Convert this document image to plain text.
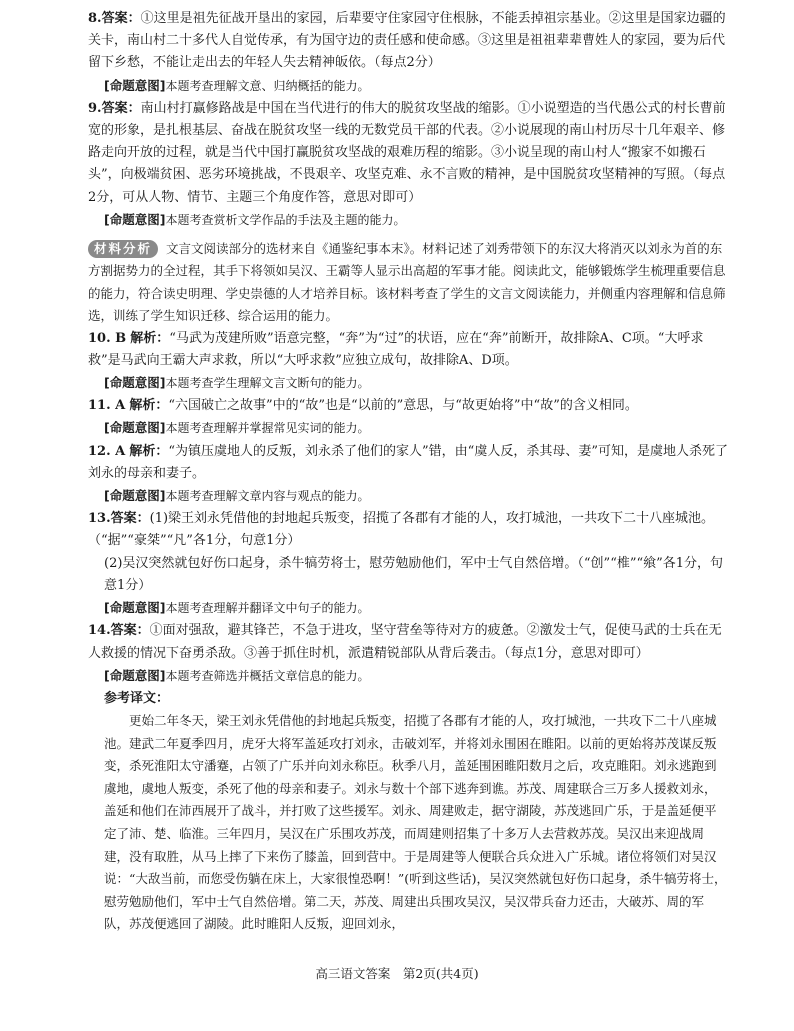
8.答案：①这里是祖先征战开垦出的家园，后辈要守住家园守住根脉，不能丢掉祖宗基业。②这里是国家边疆的关卡，南山村二十多代人自觉传承，有为国守边的责任感和使命感。③这里是祖祖辈辈曹姓人的家园，要为后代留下乡愁，不能让走出去的年轻人失去精神皈依。（每点2分）
[命题意图]本题考查理解文意、归纳概括的能力。
9.答案：南山村打赢修路战是中国在当代进行的伟大的脱贫攻坚战的缩影。①小说塑造的当代愚公式的村长曹前宽的形象，是扎根基层、奋战在脱贫攻坚一线的无数党员干部的代表。②小说展现的南山村历尽十几年艰辛、修路走向开放的过程，就是当代中国打赢脱贫攻坚战的艰难历程的缩影。③小说呈现的南山村人“搬家不如搬石头”，向极端贫困、恶劣环境挑战，不畏艰辛、攻坚克难、永不言败的精神，是中国脱贫攻坚精神的写照。（每点2分，可从人物、情节、主题三个角度作答，意思对即可）
[命题意图]本题考查赏析文学作品的手法及主题的能力。
材料分析 文言文阅读部分的选材来自《通鉴纪事本末》。材料记述了刘秀带领下的东汉大将消灭以刘永为首的东方割据势力的全过程，其手下将领如吴汉、王霸等人显示出高超的军事才能。阅读此文，能够锻炼学生梳理重要信息的能力，符合读史明理、学史崇德的人才培养目标。该材料考查了学生的文言文阅读能力，并侧重内容理解和信息筛选，训练了学生知识迁移、综合运用的能力。
10. B 解析：“马武为茂建所败”语意完整，“奔”为“过”的状语，应在“奔”前断开，故排除A、C项。“大呼求救”是马武向王霸大声求救，所以“大呼求救”应独立成句，故排除A、D项。
[命题意图]本题考查学生理解文言文断句的能力。
11. A 解析：“六国破亡之故事”中的“故”也是“以前的”意思，与“故更始将”中“故”的含义相同。
[命题意图]本题考查理解并掌握常见实词的能力。
12. A 解析：“为镇压虞地人的反叛，刘永杀了他们的家人”错，由“虞人反，杀其母、妻”可知，是虞地人杀死了刘永的母亲和妻子。
[命题意图]本题考查理解文章内容与观点的能力。
13.答案：(1)梁王刘永凭借他的封地起兵叛变，招揽了各郡有才能的人，攻打城池，一共攻下二十八座城池。（“据”“豪桀”“凡”各1分，句意1分）
(2)吴汉突然就包好伤口起身，杀牛犒劳将士，慰劳勉励他们，军中士气自然倍增。（“创”“椎”“飨”各1分，句意1分）
[命题意图]本题考查理解并翻译文中句子的能力。
14.答案：①面对强敌，避其锋芒，不急于进攻，坚守营垒等待对方的疲惫。②激发士气，促使马武的士兵在无人救援的情况下奋勇杀敌。③善于抓住时机，派遣精锐部队从背后袭击。（每点1分，意思对即可）
[命题意图]本题考查筛选并概括文章信息的能力。
参考译文：
更始二年冬天，梁王刘永凭借他的封地起兵叛变，招揽了各郡有才能的人，攻打城池，一共攻下二十八座城池。建武二年夏季四月，虎牙大将军盖延攻打刘永，击破刘军，并将刘永围困在睢阳。以前的更始将苏茂谋反叛变，杀死淮阳太守潘蹇，占领了广乐并向刘永称臣。秋季八月，盖延围困睢阳数月之后，攻克睢阳。刘永逃跑到虞地，虞地人叛变，杀死了他的母亲和妻子。刘永与数十个部下逃奔到谯。苏茂、周建联合三万多人援救刘永，盖延和他们在沛西展开了战斗，并打败了这些援军。刘永、周建败走，据守湖陵，苏茂逃回广乐，于是盖延便平定了沛、楚、临淮。三年四月，吴汉在广乐围攻苏茂，而周建则招集了十多万人去营救苏茂。吴汉出来迎战周建，没有取胜，从马上摔了下来伤了膝盖，回到营中。于是周建等人便联合兵众进入广乐城。诸位将领们对吴汉说：“大敌当前，而您受伤躺在床上，大家很惶恐啊！”(听到这些话)，吴汉突然就包好伤口起身，杀牛犒劳将士，慰劳勉励他们，军中士气自然倍增。第二天，苏茂、周建出兵围攻吴汉，吴汉带兵奋力还击，大破苏、周的军队，苏茂便逃回了湖陵。此时睢阳人反叛，迎回刘永，
高三语文答案　第2页(共4页)
